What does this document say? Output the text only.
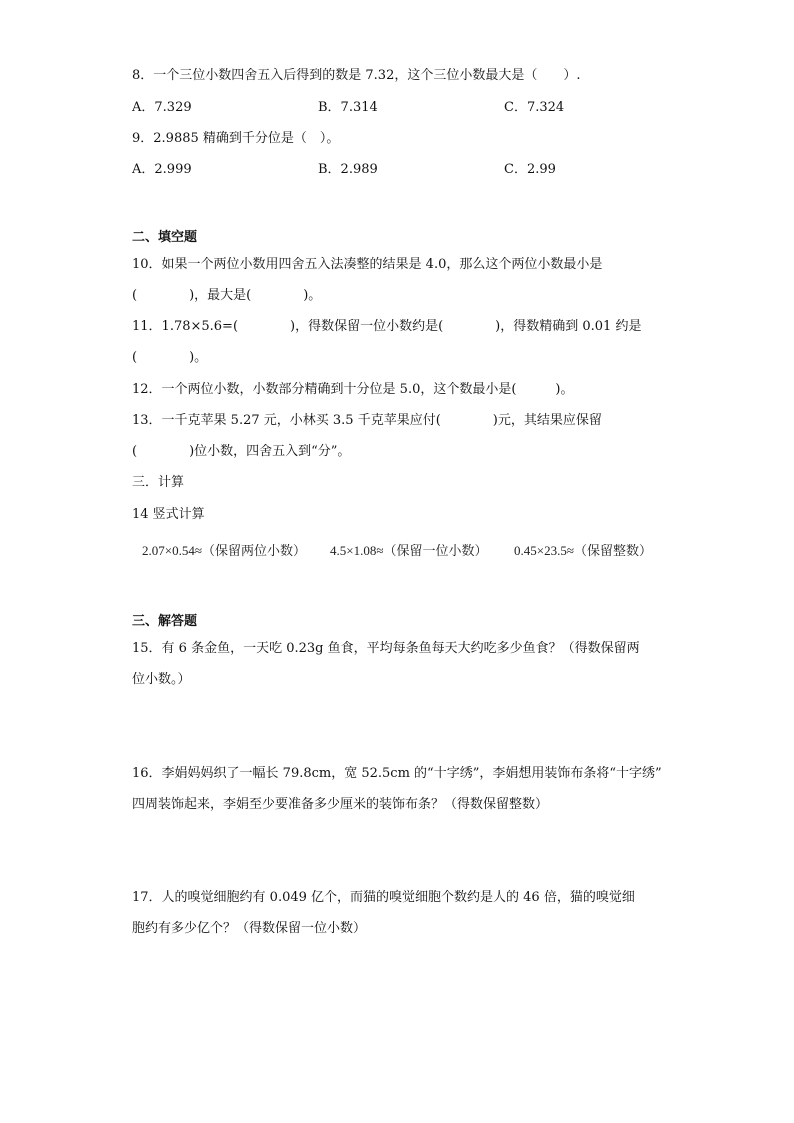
8．一个三位小数四舍五入后得到的数是 7.32，这个三位小数最大是（　　）.
A．7.329	B．7.314	C．7.324
9．2.9885 精确到千分位是（　）。
A．2.999	B．2.989	C．2.99
二、填空题
10．如果一个两位小数用四舍五入法凑整的结果是 4.0，那么这个两位小数最小是
(　　　　)，最大是(　　　　)。
11．1.78×5.6=(　　　　)，得数保留一位小数约是(　　　　)，得数精确到 0.01 约是
(　　　　)。
12．一个两位小数，小数部分精确到十分位是 5.0，这个数最小是(　　　)。
13．一千克苹果 5.27 元，小林买 3.5 千克苹果应付(　　　　)元，其结果应保留
(　　　　)位小数，四舍五入到“分”。
三．计算
14 竖式计算
2.07×0.54≈（保留两位小数） 4.5×1.08≈（保留一位小数） 0.45×23.5≈（保留整数）
三、解答题
15．有 6 条金鱼，一天吃 0.23g 鱼食，平均每条鱼每天大约吃多少鱼食？（得数保留两
位小数。）
16．李娟妈妈织了一幅长 79.8cm，宽 52.5cm 的“十字绣”，李娟想用装饰布条将“十字绣”
四周装饰起来，李娟至少要准备多少厘米的装饰布条？（得数保留整数）
17．人的嗅觉细胞约有 0.049 亿个，而猫的嗅觉细胞个数约是人的 46 倍，猫的嗅觉细
胞约有多少亿个？（得数保留一位小数）
